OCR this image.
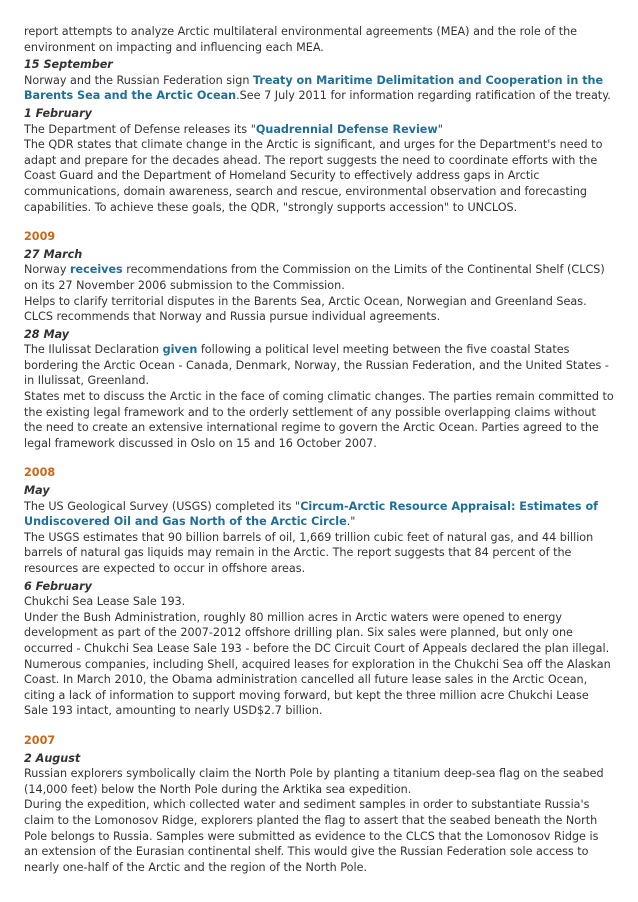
report attempts to analyze Arctic multilateral environmental agreements (MEA) and the role of the environment on impacting and influencing each MEA.

15 September

Norway and the Russian Federation sign Treaty on Maritime Delimitation and Cooperation in the Barents Sea and the Arctic Ocean.See 7 July 2011 for information regarding ratification of the treaty.

1 February

The Department of Defense releases its "Quadrennial Defense Review"

The QDR states that climate change in the Arctic is significant, and urges for the Department's need to adapt and prepare for the decades ahead. The report suggests the need to coordinate efforts with the Coast Guard and the Department of Homeland Security to effectively address gaps in Arctic communications, domain awareness, search and rescue, environmental observation and forecasting capabilities. To achieve these goals, the QDR, "strongly supports accession" to UNCLOS.

2009

27 March

Norway receives recommendations from the Commission on the Limits of the Continental Shelf (CLCS) on its 27 November 2006 submission to the Commission.

Helps to clarify territorial disputes in the Barents Sea, Arctic Ocean, Norwegian and Greenland Seas.

CLCS recommends that Norway and Russia pursue individual agreements.

28 May

The Ilulissat Declaration given following a political level meeting between the five coastal States bordering the Arctic Ocean - Canada, Denmark, Norway, the Russian Federation, and the United States - in Ilulissat, Greenland.

States met to discuss the Arctic in the face of coming climatic changes. The parties remain committed to the existing legal framework and to the orderly settlement of any possible overlapping claims without the need to create an extensive international regime to govern the Arctic Ocean. Parties agreed to the legal framework discussed in Oslo on 15 and 16 October 2007.

2008

May

The US Geological Survey (USGS) completed its "Circum-Arctic Resource Appraisal: Estimates of Undiscovered Oil and Gas North of the Arctic Circle."

The USGS estimates that 90 billion barrels of oil, 1,669 trillion cubic feet of natural gas, and 44 billion barrels of natural gas liquids may remain in the Arctic. The report suggests that 84 percent of the resources are expected to occur in offshore areas.

6 February

Chukchi Sea Lease Sale 193.

Under the Bush Administration, roughly 80 million acres in Arctic waters were opened to energy development as part of the 2007-2012 offshore drilling plan. Six sales were planned, but only one occurred - Chukchi Sea Lease Sale 193 - before the DC Circuit Court of Appeals declared the plan illegal. Numerous companies, including Shell, acquired leases for exploration in the Chukchi Sea off the Alaskan Coast. In March 2010, the Obama administration cancelled all future lease sales in the Arctic Ocean, citing a lack of information to support moving forward, but kept the three million acre Chukchi Lease Sale 193 intact, amounting to nearly USD$2.7 billion.

2007

2 August

Russian explorers symbolically claim the North Pole by planting a titanium deep-sea flag on the seabed (14,000 feet) below the North Pole during the Arktika sea expedition.

During the expedition, which collected water and sediment samples in order to substantiate Russia's claim to the Lomonosov Ridge, explorers planted the flag to assert that the seabed beneath the North Pole belongs to Russia. Samples were submitted as evidence to the CLCS that the Lomonosov Ridge is an extension of the Eurasian continental shelf. This would give the Russian Federation sole access to nearly one-half of the Arctic and the region of the North Pole.
